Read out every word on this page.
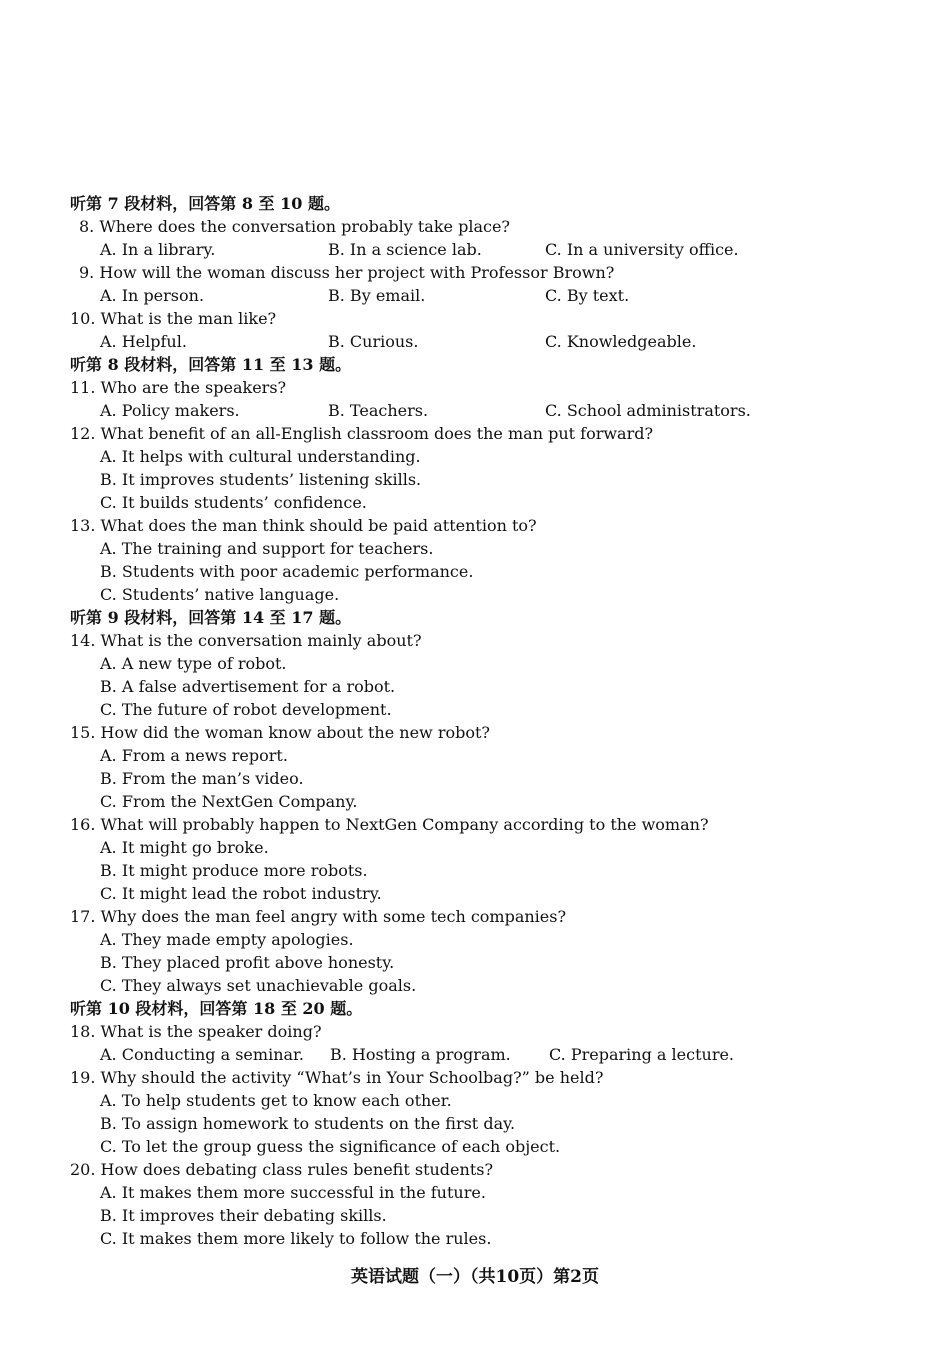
听第 7 段材料，回答第 8 至 10 题。
8. Where does the conversation probably take place?
A. In a library.	B. In a science lab.	C. In a university office.
9. How will the woman discuss her project with Professor Brown?
A. In person.	B. By email.	C. By text.
10. What is the man like?
A. Helpful.	B. Curious.	C. Knowledgeable.
听第 8 段材料，回答第 11 至 13 题。
11. Who are the speakers?
A. Policy makers.	B. Teachers.	C. School administrators.
12. What benefit of an all-English classroom does the man put forward?
A. It helps with cultural understanding.
B. It improves students’ listening skills.
C. It builds students’ confidence.
13. What does the man think should be paid attention to?
A. The training and support for teachers.
B. Students with poor academic performance.
C. Students’ native language.
听第 9 段材料，回答第 14 至 17 题。
14. What is the conversation mainly about?
A. A new type of robot.
B. A false advertisement for a robot.
C. The future of robot development.
15. How did the woman know about the new robot?
A. From a news report.
B. From the man’s video.
C. From the NextGen Company.
16. What will probably happen to NextGen Company according to the woman?
A. It might go broke.
B. It might produce more robots.
C. It might lead the robot industry.
17. Why does the man feel angry with some tech companies?
A. They made empty apologies.
B. They placed profit above honesty.
C. They always set unachievable goals.
听第 10 段材料，回答第 18 至 20 题。
18. What is the speaker doing?
A. Conducting a seminar. B. Hosting a program. C. Preparing a lecture.
19. Why should the activity “What’s in Your Schoolbag?” be held?
A. To help students get to know each other.
B. To assign homework to students on the first day.
C. To let the group guess the significance of each object.
20. How does debating class rules benefit students?
A. It makes them more successful in the future.
B. It improves their debating skills.
C. It makes them more likely to follow the rules.
英语试题（一）（共10页）第2页
